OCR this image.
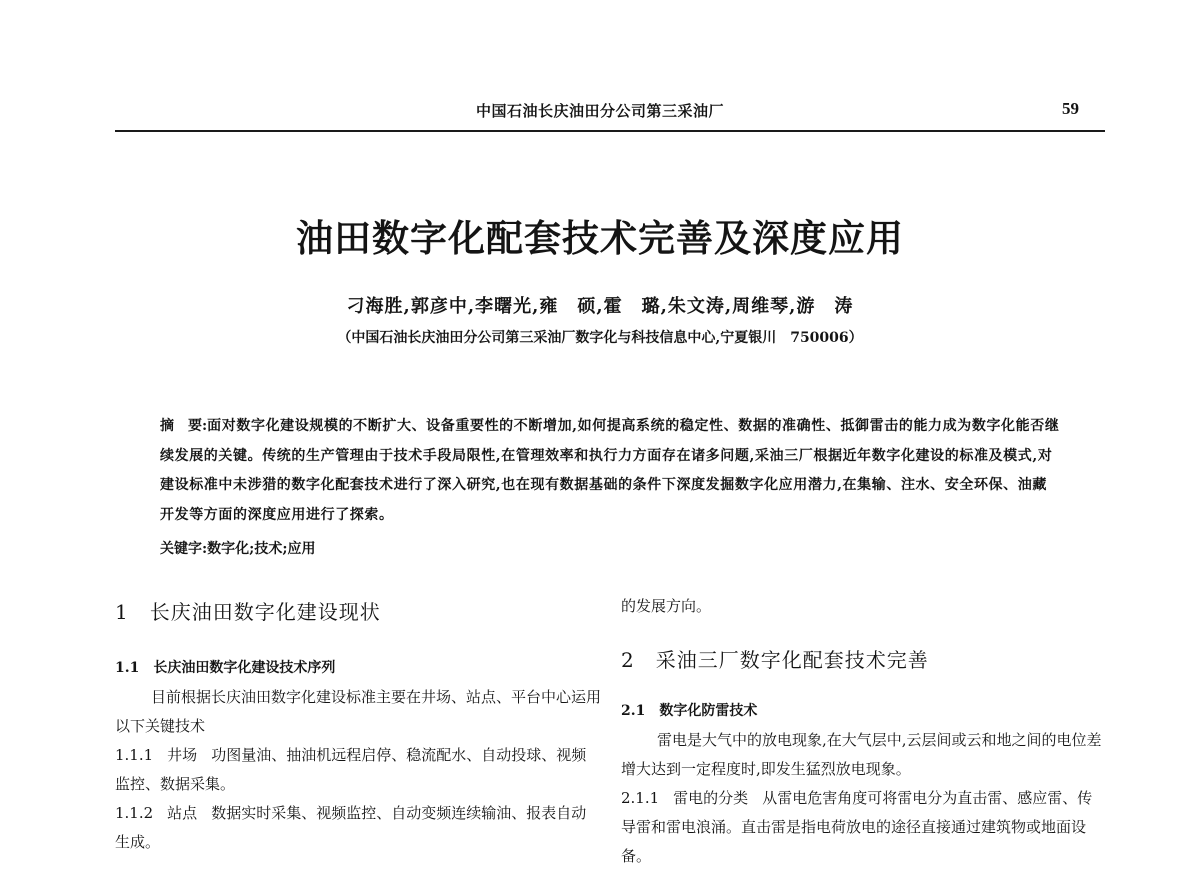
中国石油长庆油田分公司第三采油厂	59
油田数字化配套技术完善及深度应用
刁海胜,郭彦中,李曙光,雍　硕,霍　璐,朱文涛,周维琴,游　涛
（中国石油长庆油田分公司第三采油厂数字化与科技信息中心,宁夏银川　750006）
摘　要:面对数字化建设规模的不断扩大、设备重要性的不断增加,如何提高系统的稳定性、数据的准确性、抵御雷击的能力成为数字化能否继续发展的关键。传统的生产管理由于技术手段局限性,在管理效率和执行力方面存在诸多问题,采油三厂根据近年数字化建设的标准及模式,对建设标准中未涉猎的数字化配套技术进行了深入研究,也在现有数据基础的条件下深度发掘数字化应用潜力,在集输、注水、安全环保、油藏开发等方面的深度应用进行了探索。
关键字:数字化;技术;应用
1　长庆油田数字化建设现状
1.1　长庆油田数字化建设技术序列

目前根据长庆油田数字化建设标准主要在井场、站点、平台中心运用以下关键技术

1.1.1 井场 功图量油、抽油机远程启停、稳流配水、自动投球、视频监控、数据采集。

1.1.2 站点 数据实时采集、视频监控、自动变频连续输油、报表自动生成。

的发展方向。
2　采油三厂数字化配套技术完善
2.1　数字化防雷技术

雷电是大气中的放电现象,在大气层中,云层间或云和地之间的电位差增大达到一定程度时,即发生猛烈放电现象。

2.1.1 雷电的分类 从雷电危害角度可将雷电分为直击雷、感应雷、传导雷和雷电浪涌。直击雷是指电荷放电的途径直接通过建筑物或地面设备。
